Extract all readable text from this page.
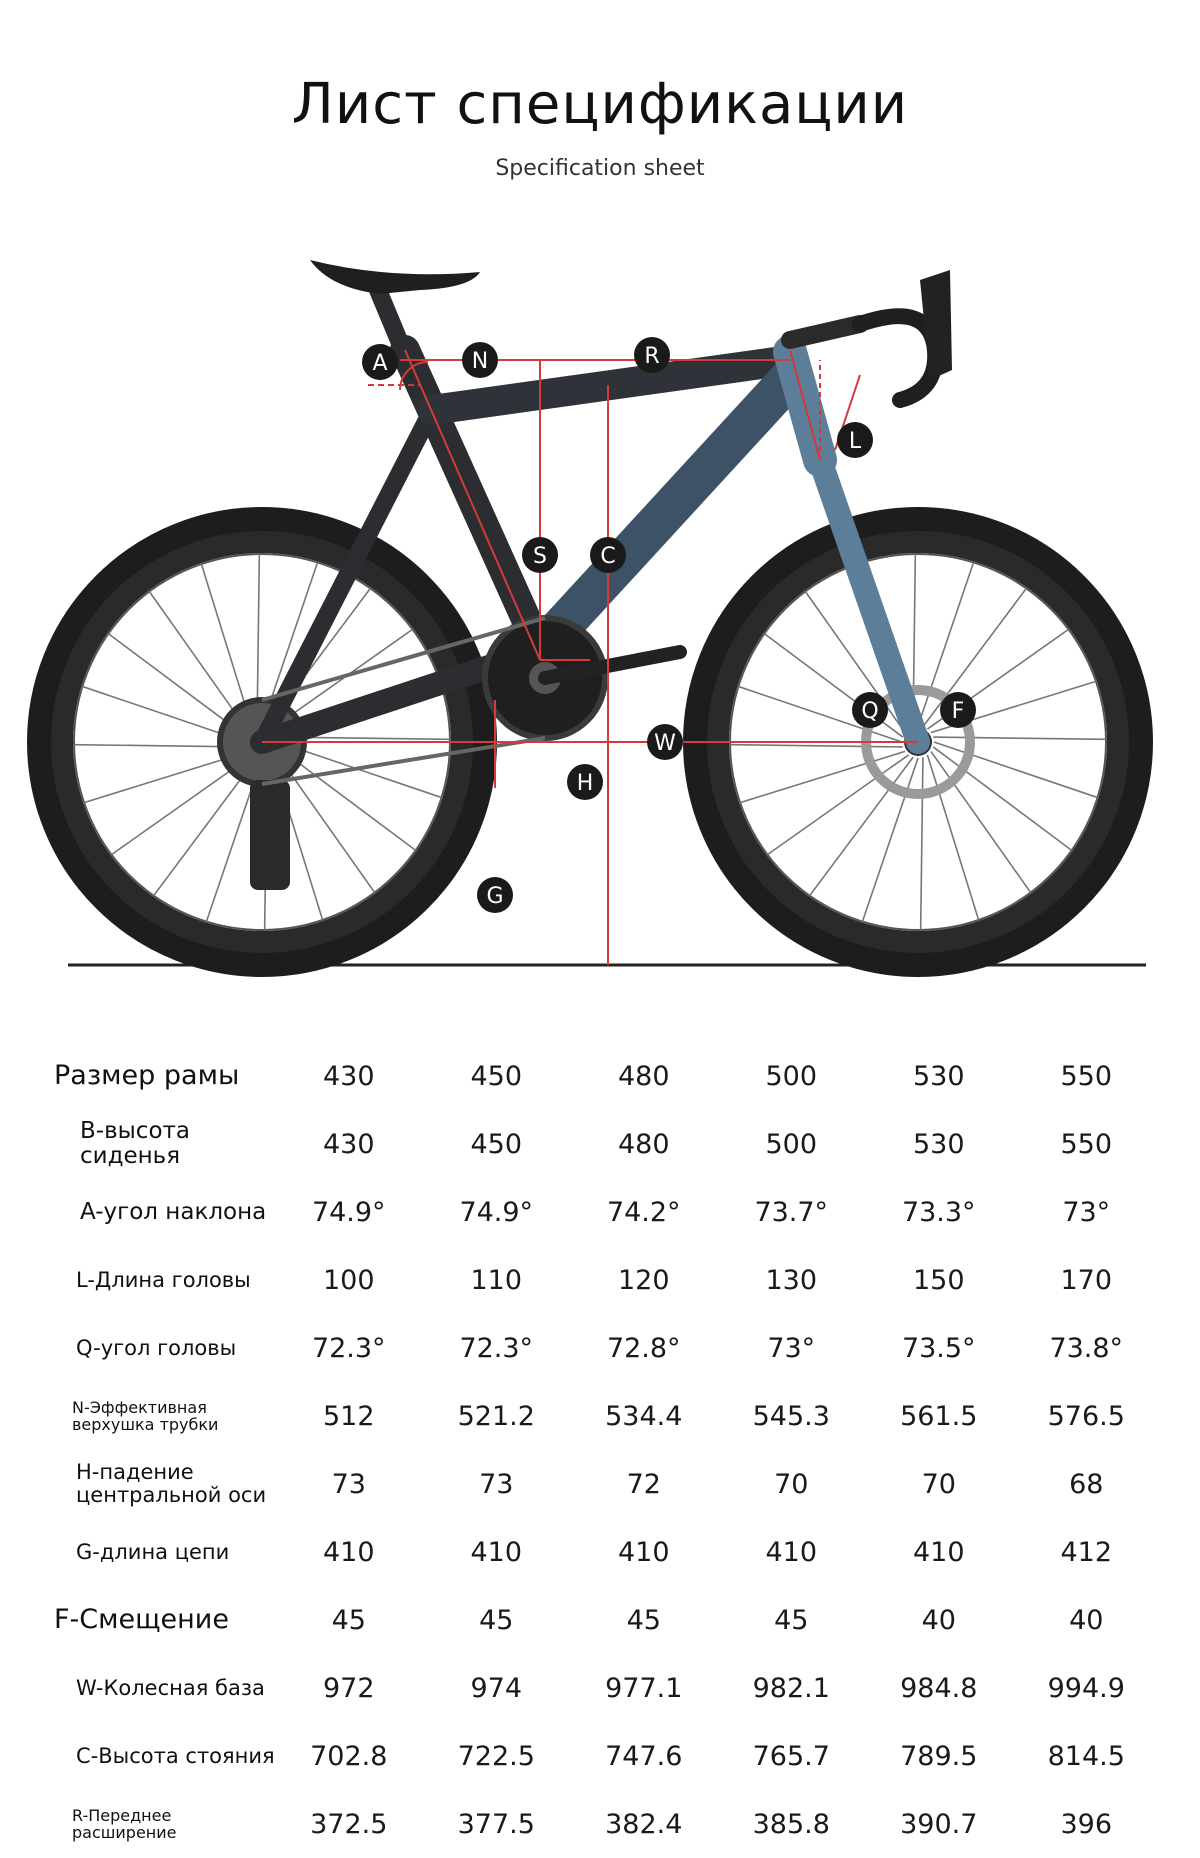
Лист спецификации
Specification sheet
A	N	R
L
S C
Q	F
W
H
G
Размер рамы	430	450	480	500	530	550
B-высота сиденья	430	450	480	500	530	550
A-угол наклона	74.9°	74.9°	74.2°	73.7°	73.3°	73°
L-Длина головы	100	110	120	130	150	170
Q-угол головы	72.3°	72.3°	72.8°	73°	73.5°	73.8°
N-Эффективная верхушка трубки	512	521.2	534.4	545.3	561.5	576.5
H-падение центральной оси	73	73	72	70	70	68
G-длина цепи	410	410	410	410	410	412
F-Смещение	45	45	45	45	40	40
W-Колесная база	972	974	977.1	982.1	984.8	994.9
C-Высота стояния	702.8	722.5	747.6	765.7	789.5	814.5
R-Переднее расширение	372.5	377.5	382.4	385.8	390.7	396
